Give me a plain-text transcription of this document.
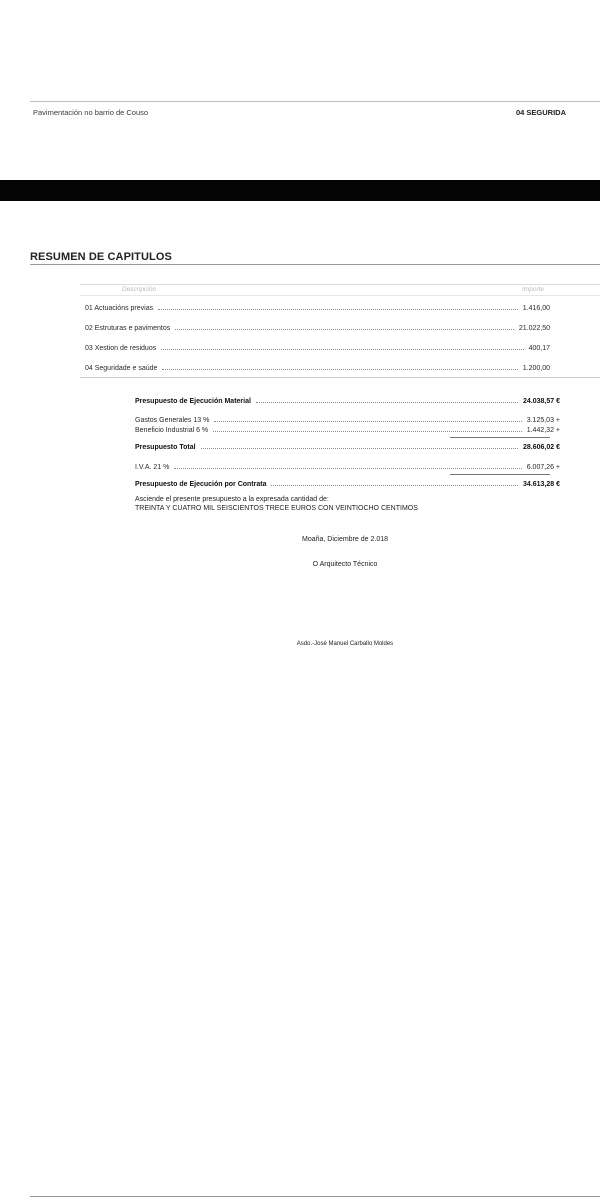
Pavimentación no barrio de Couso	04 SEGURIDA
RESUMEN DE CAPITULOS
Descripción	Importe
01 Actuacións previas	1.416,00
02 Estruturas e pavimentos	21.022,50
03 Xestion de residuos	400,17
04 Seguridade e saúde	1.200,00
Presupuesto de Ejecución Material	24.038,57 €
Gastos Generales 13 %	3.125,03 +
Beneficio Industrial 6 %	1.442,32 +
Presupuesto Total	28.606,02 €
I.V.A. 21 %	6.007,26 +
Presupuesto de Ejecución por Contrata	34.613,28 €
Asciende el presente presupuesto a la expresada cantidad de:
TREINTA Y CUATRO MIL SEISCIENTOS TRECE EUROS CON VEINTIOCHO CENTIMOS
Moaña, Diciembre de 2.018
O Arquitecto Técnico
Asdo.-José Manuel Carballo Moldes
